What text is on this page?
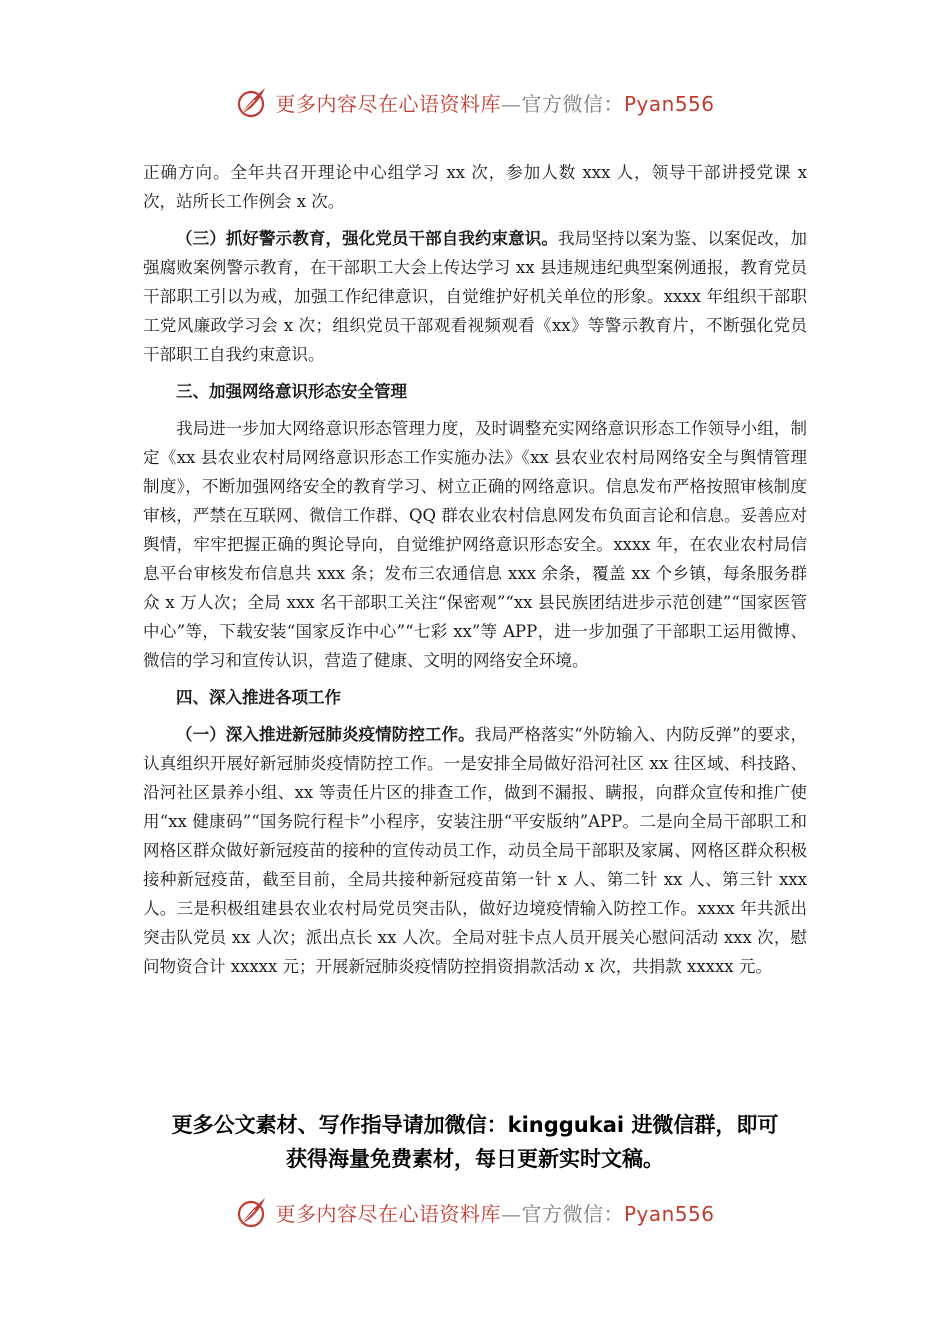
更多内容尽在心语资料库—官方微信：Pyan556

正确方向。全年共召开理论中心组学习 xx 次，参加人数 xxx 人，领导干部讲授党课 x 次，站所长工作例会 x 次。

（三）抓好警示教育，强化党员干部自我约束意识。我局坚持以案为鉴、以案促改，加强腐败案例警示教育，在干部职工大会上传达学习 xx 县违规违纪典型案例通报，教育党员干部职工引以为戒，加强工作纪律意识，自觉维护好机关单位的形象。xxxx 年组织干部职工党风廉政学习会 x 次；组织党员干部观看视频观看《xx》等警示教育片，不断强化党员干部职工自我约束意识。

三、加强网络意识形态安全管理

我局进一步加大网络意识形态管理力度，及时调整充实网络意识形态工作领导小组，制定《xx 县农业农村局网络意识形态工作实施办法》《xx 县农业农村局网络安全与舆情管理制度》，不断加强网络安全的教育学习、树立正确的网络意识。信息发布严格按照审核制度审核，严禁在互联网、微信工作群、QQ 群农业农村信息网发布负面言论和信息。妥善应对舆情，牢牢把握正确的舆论导向，自觉维护网络意识形态安全。xxxx 年，在农业农村局信息平台审核发布信息共 xxx 条；发布三农通信息 xxx 余条，覆盖 xx 个乡镇，每条服务群众 x 万人次；全局 xxx 名干部职工关注“保密观”“xx 县民族团结进步示范创建”“国家医管中心”等，下载安装“国家反诈中心”“七彩 xx”等 APP，进一步加强了干部职工运用微博、微信的学习和宣传认识，营造了健康、文明的网络安全环境。

四、深入推进各项工作

（一）深入推进新冠肺炎疫情防控工作。我局严格落实“外防输入、内防反弹”的要求，认真组织开展好新冠肺炎疫情防控工作。一是安排全局做好沿河社区 xx 往区域、科技路、沿河社区景养小组、xx 等责任片区的排查工作，做到不漏报、瞒报，向群众宣传和推广使用“xx 健康码”“国务院行程卡”小程序，安装注册“平安版纳”APP。二是向全局干部职工和网格区群众做好新冠疫苗的接种的宣传动员工作，动员全局干部职及家属、网格区群众积极接种新冠疫苗，截至目前，全局共接种新冠疫苗第一针 x 人、第二针 xx 人、第三针 xxx 人。三是积极组建县农业农村局党员突击队，做好边境疫情输入防控工作。xxxx 年共派出突击队党员 xx 人次；派出点长 xx 人次。全局对驻卡点人员开展关心慰问活动 xxx 次，慰问物资合计 xxxxx 元；开展新冠肺炎疫情防控捐资捐款活动 x 次，共捐款 xxxxx 元。

更多公文素材、写作指导请加微信：kinggukai 进微信群，即可
获得海量免费素材，每日更新实时文稿。
更多内容尽在心语资料库—官方微信：Pyan556
